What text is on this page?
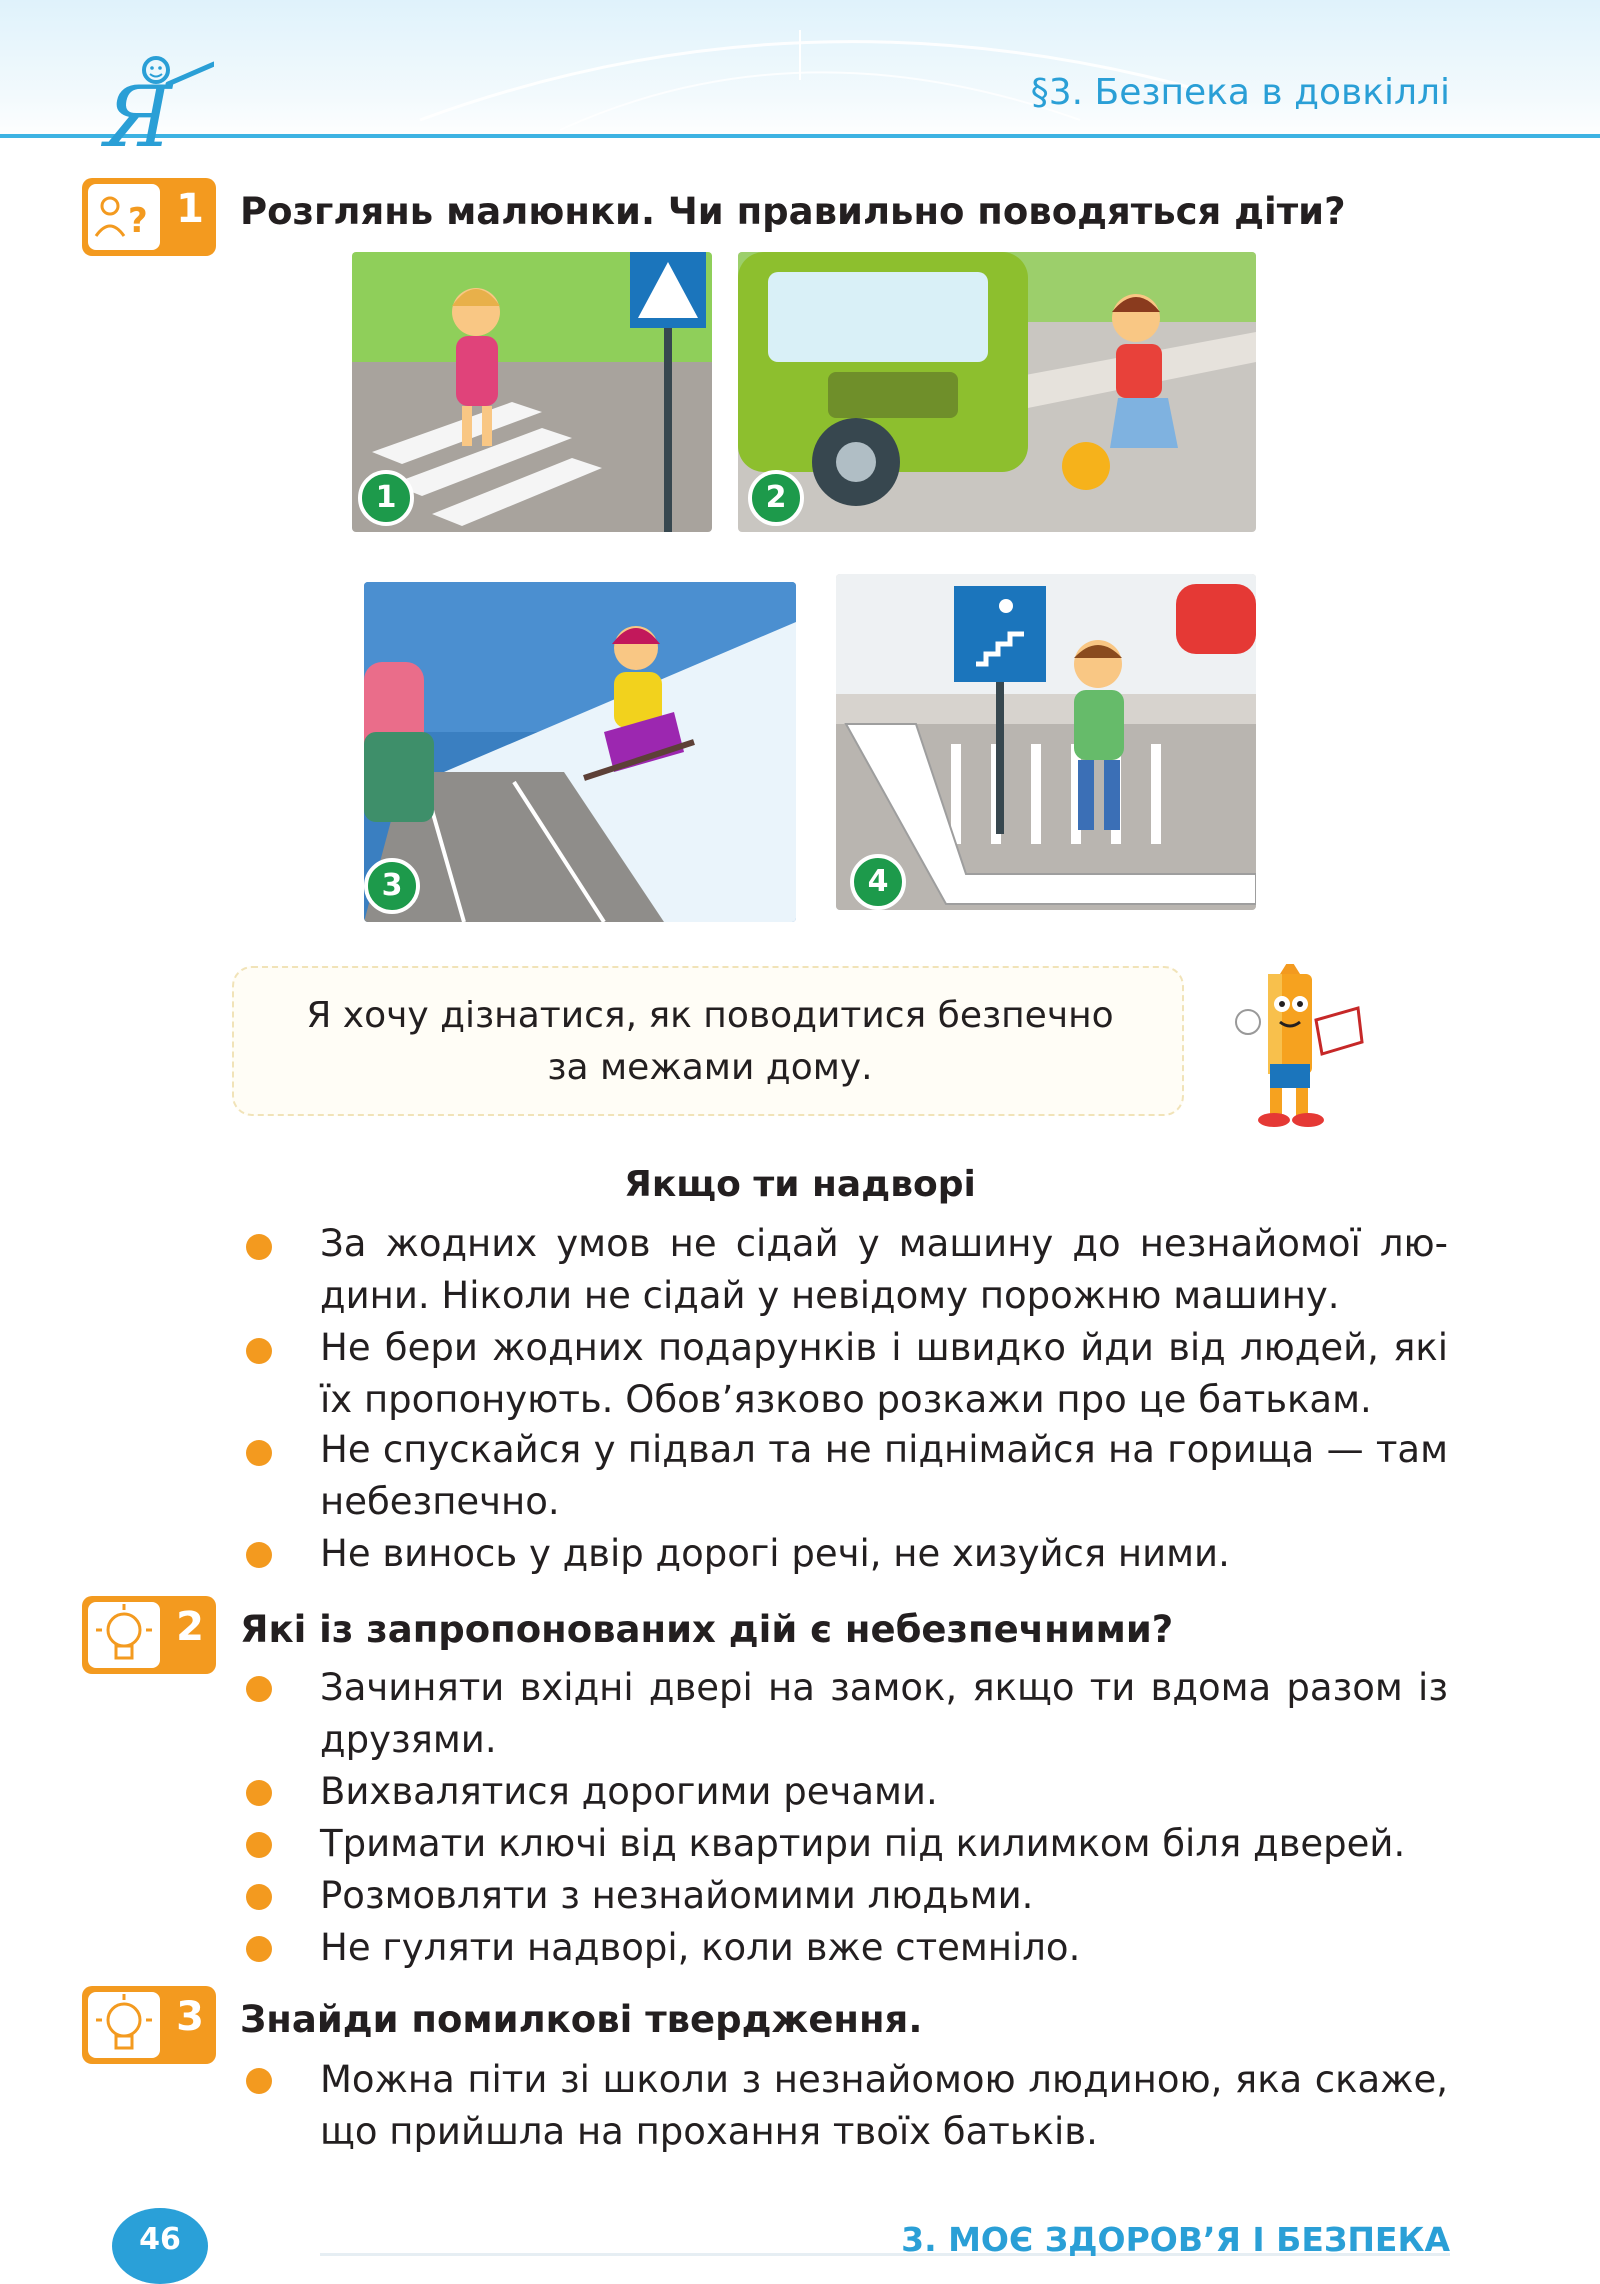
Я	§3. Безпека в довкіллі
? 1 Розглянь малюнки. Чи правильно поводяться діти?
1	2
3	4
Я хочу дізнатися, як поводитися безпечно
за межами дому.
Якщо ти надворі
За жодних умов не сідай у машину до незнайомої лю-дини. Ніколи не сідай у невідому порожню машину.
Не бери жодних подарунків і швидко йди від людей, які їх пропонують. Обов’язково розкажи про це батькам.
Не спускайся у підвал та не піднімайся на горища — там небезпечно.
Не винось у двір дорогі речі, не хизуйся ними.
2 Які із запропонованих дій є небезпечними?
Зачиняти вхідні двері на замок, якщо ти вдома разом із друзями.
Вихвалятися дорогими речами.
Тримати ключі від квартири під килимком біля дверей.
Розмовляти з незнайомими людьми.
Не гуляти надворі, коли вже стемніло.
3 Знайди помилкові твердження.
Можна піти зі школи з незнайомою людиною, яка скаже, що прийшла на прохання твоїх батьків.
46	3. МОЄ ЗДОРОВ’Я І БЕЗПЕКА
